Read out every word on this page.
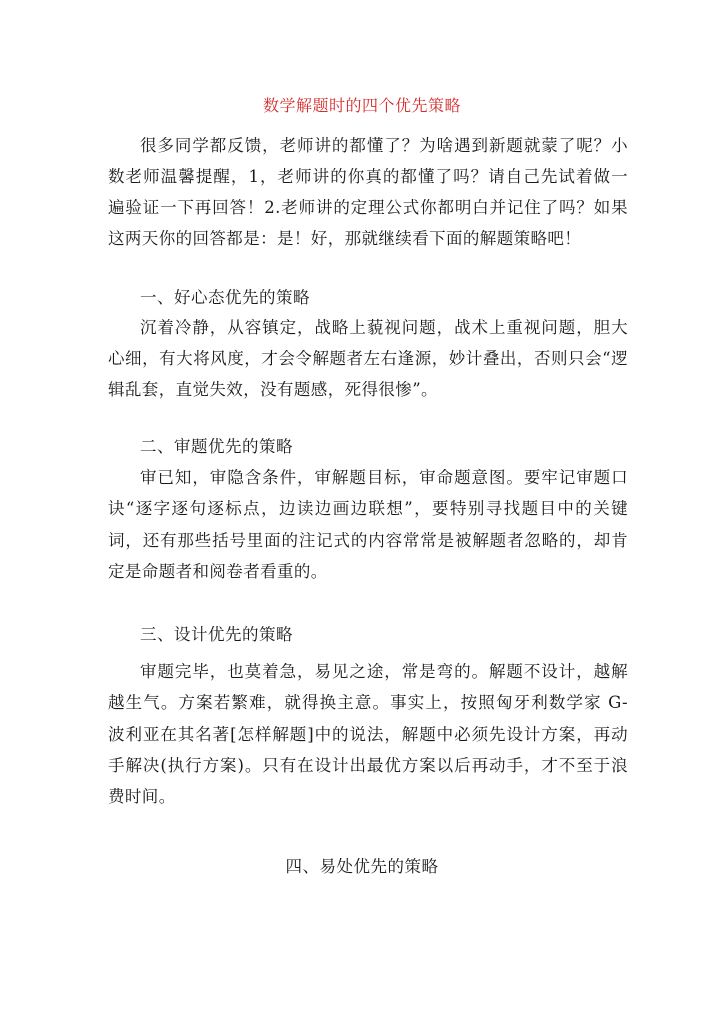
数学解题时的四个优先策略
很多同学都反馈，老师讲的都懂了？为啥遇到新题就蒙了呢？小
数老师温馨提醒，1，老师讲的你真的都懂了吗？请自己先试着做一
遍验证一下再回答！2.老师讲的定理公式你都明白并记住了吗？如果
这两天你的回答都是：是！好，那就继续看下面的解题策略吧！
一、好心态优先的策略
沉着冷静，从容镇定，战略上藐视问题，战术上重视问题，胆大
心细，有大将风度，才会令解题者左右逢源，妙计叠出，否则只会“逻
辑乱套，直觉失效，没有题感，死得很惨”。
二、审题优先的策略
审已知，审隐含条件，审解题目标，审命题意图。要牢记审题口
诀“逐字逐句逐标点，边读边画边联想”，要特别寻找题目中的关键
词，还有那些括号里面的注记式的内容常常是被解题者忽略的，却肯
定是命题者和阅卷者看重的。
三、设计优先的策略
审题完毕，也莫着急，易见之途，常是弯的。解题不设计，越解
越生气。方案若繁难，就得换主意。事实上，按照匈牙利数学家 G-
波利亚在其名著[怎样解题]中的说法，解题中必须先设计方案，再动
手解决(执行方案)。只有在设计出最优方案以后再动手，才不至于浪
费时间。
四、易处优先的策略
